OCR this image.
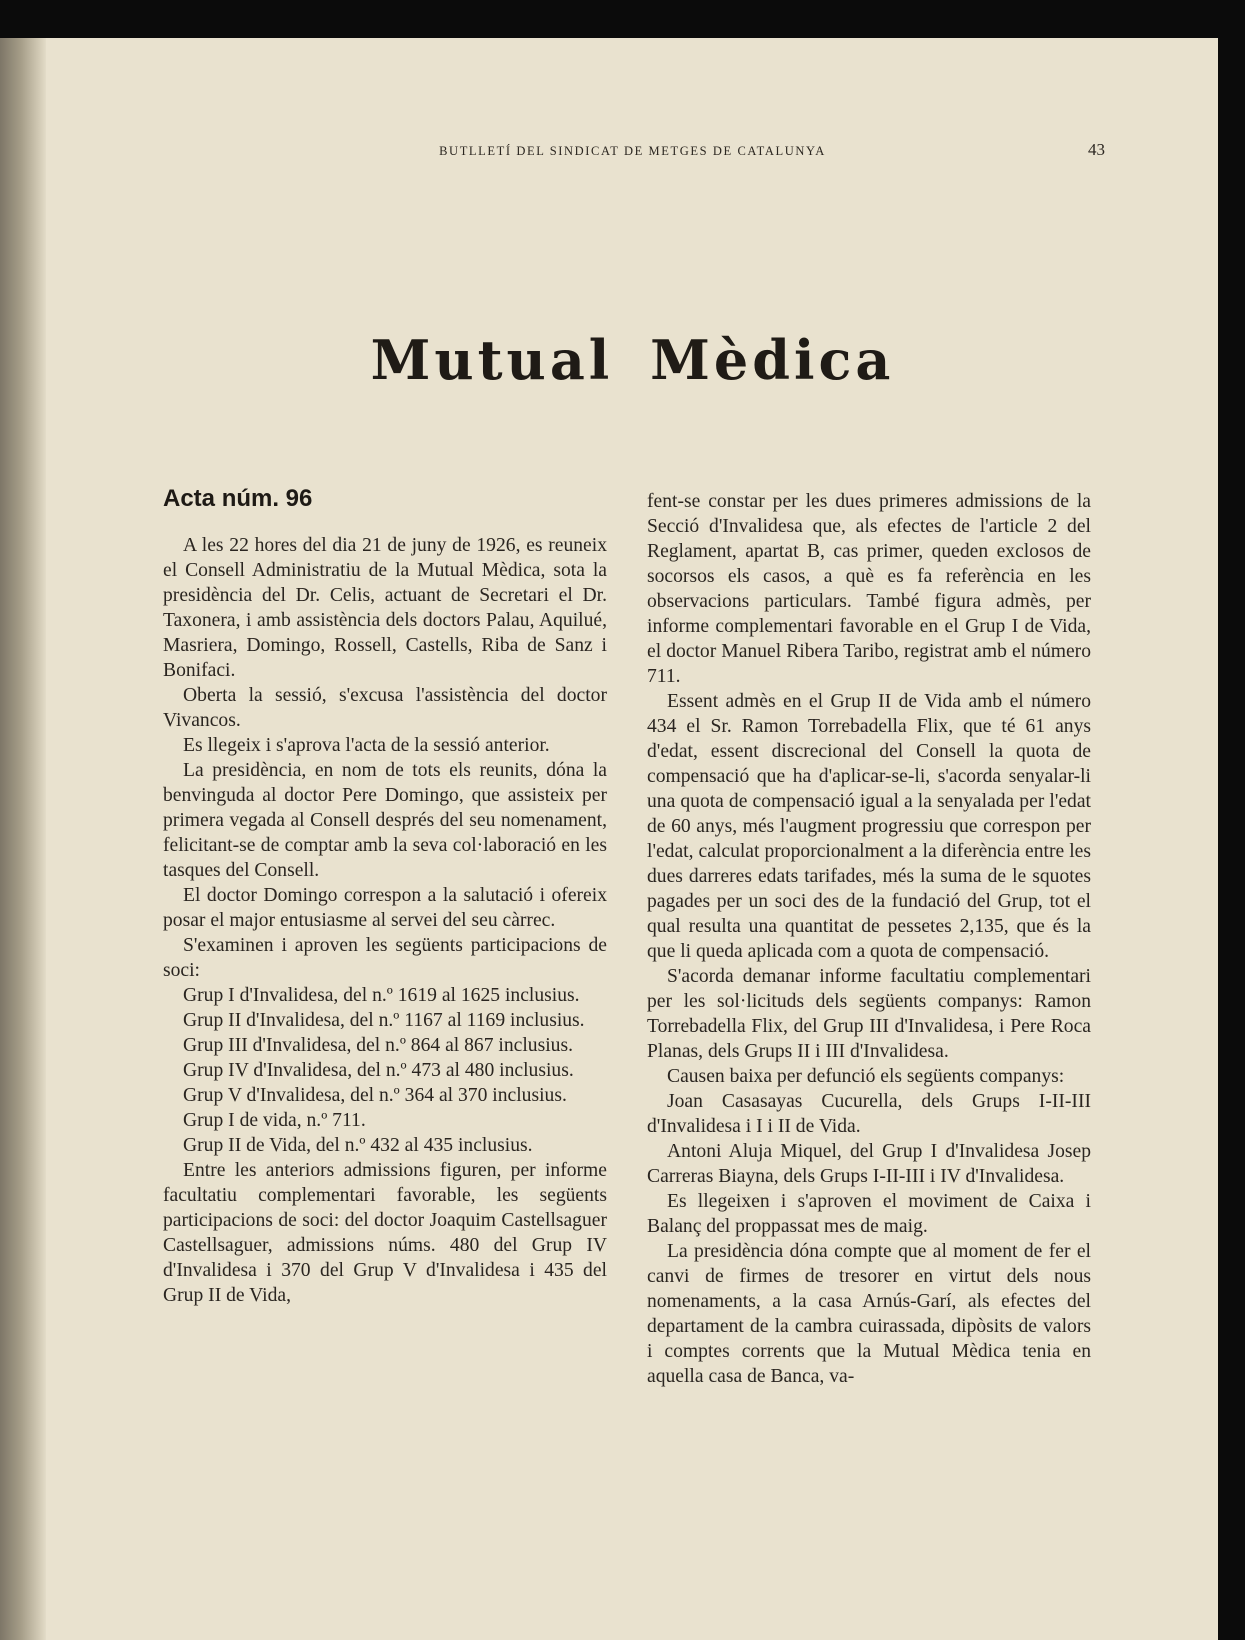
BUTLLETÍ DEL SINDICAT DE METGES DE CATALUNYA	43
Mutual Mèdica
Acta núm. 96

A les 22 hores del dia 21 de juny de 1926, es reuneix el Consell Administratiu de la Mutual Mèdica, sota la presidència del Dr. Celis, actuant de Secretari el Dr. Taxonera, i amb assistència dels doctors Palau, Aquilué, Masriera, Domingo, Rossell, Castells, Riba de Sanz i Bonifaci.

Oberta la sessió, s'excusa l'assistència del doctor Vivancos.

Es llegeix i s'aprova l'acta de la sessió anterior.

La presidència, en nom de tots els reunits, dóna la benvinguda al doctor Pere Domingo, que assisteix per primera vegada al Consell després del seu nomenament, felicitant-se de comptar amb la seva col·laboració en les tasques del Consell.

El doctor Domingo correspon a la salutació i ofereix posar el major entusiasme al servei del seu càrrec.

S'examinen i aproven les següents participacions de soci:

Grup I d'Invalidesa, del n.º 1619 al 1625 inclusius.

Grup II d'Invalidesa, del n.º 1167 al 1169 inclusius.

Grup III d'Invalidesa, del n.º 864 al 867 inclusius.

Grup IV d'Invalidesa, del n.º 473 al 480 inclusius.

Grup V d'Invalidesa, del n.º 364 al 370 inclusius.

Grup I de vida, n.º 711.

Grup II de Vida, del n.º 432 al 435 inclusius.

Entre les anteriors admissions figuren, per informe facultatiu complementari favorable, les següents participacions de soci: del doctor Joaquim Castellsaguer Castellsaguer, admissions núms. 480 del Grup IV d'Invalidesa i 370 del Grup V d'Invalidesa i 435 del Grup II de Vida,

fent-se constar per les dues primeres admissions de la Secció d'Invalidesa que, als efectes de l'article 2 del Reglament, apartat B, cas primer, queden exclosos de socorsos els casos, a què es fa referència en les observacions particulars. També figura admès, per informe complementari favorable en el Grup I de Vida, el doctor Manuel Ribera Taribo, registrat amb el número 711.

Essent admès en el Grup II de Vida amb el número 434 el Sr. Ramon Torrebadella Flix, que té 61 anys d'edat, essent discrecional del Consell la quota de compensació que ha d'aplicar-se-li, s'acorda senyalar-li una quota de compensació igual a la senyalada per l'edat de 60 anys, més l'augment progressiu que correspon per l'edat, calculat proporcionalment a la diferència entre les dues darreres edats tarifades, més la suma de le squotes pagades per un soci des de la fundació del Grup, tot el qual resulta una quantitat de pessetes 2,135, que és la que li queda aplicada com a quota de compensació.

S'acorda demanar informe facultatiu complementari per les sol·licituds dels següents companys: Ramon Torrebadella Flix, del Grup III d'Invalidesa, i Pere Roca Planas, dels Grups II i III d'Invalidesa.

Causen baixa per defunció els següents companys:

Joan Casasayas Cucurella, dels Grups I-II-III d'Invalidesa i I i II de Vida.

Antoni Aluja Miquel, del Grup I d'Invalidesa Josep Carreras Biayna, dels Grups I-II-III i IV d'Invalidesa.

Es llegeixen i s'aproven el moviment de Caixa i Balanç del proppassat mes de maig.

La presidència dóna compte que al moment de fer el canvi de firmes de tresorer en virtut dels nous nomenaments, a la casa Arnús-Garí, als efectes del departament de la cambra cuirassada, dipòsits de valors i comptes corrents que la Mutual Mèdica tenia en aquella casa de Banca, va-
